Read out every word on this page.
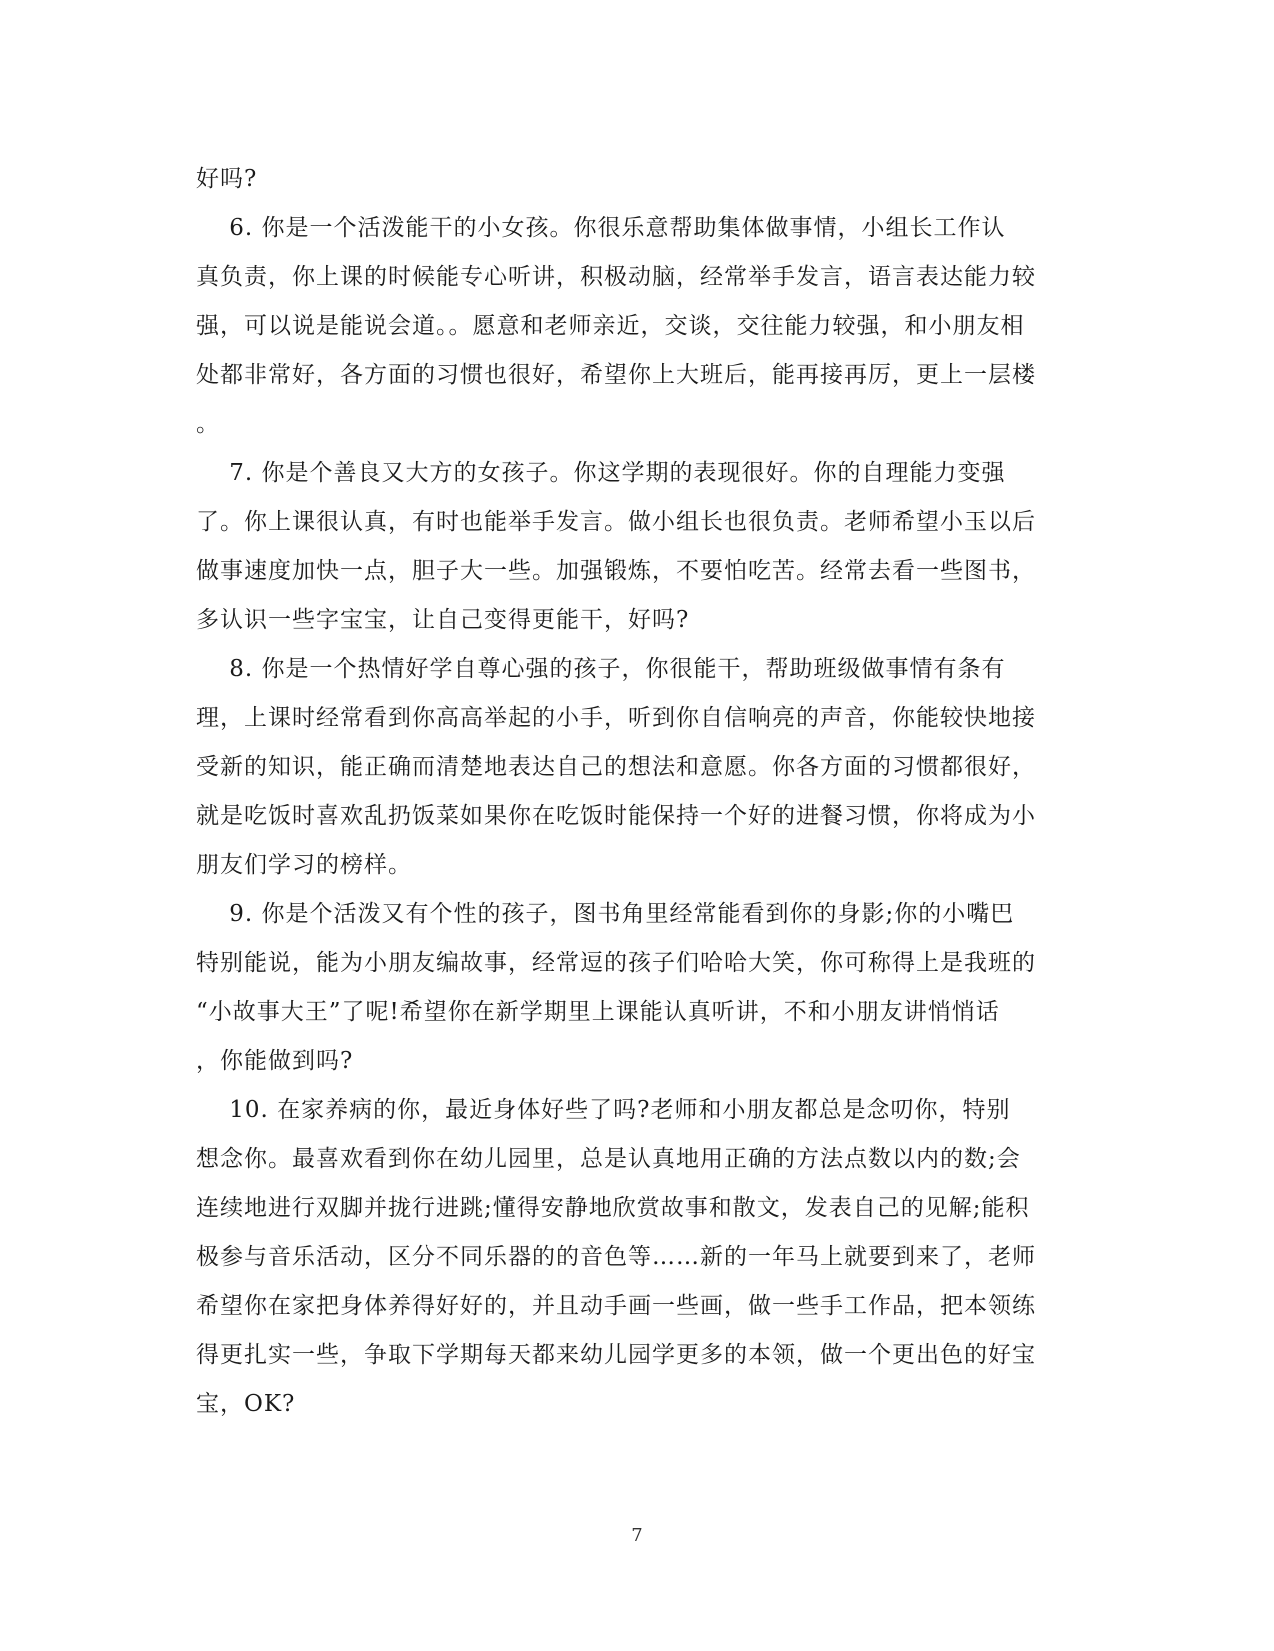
好吗?
6. 你是一个活泼能干的小女孩。你很乐意帮助集体做事情，小组长工作认
真负责，你上课的时候能专心听讲，积极动脑，经常举手发言，语言表达能力较
强，可以说是能说会道。。愿意和老师亲近，交谈，交往能力较强，和小朋友相
处都非常好，各方面的习惯也很好，希望你上大班后，能再接再厉，更上一层楼
。
7. 你是个善良又大方的女孩子。你这学期的表现很好。你的自理能力变强
了。你上课很认真，有时也能举手发言。做小组长也很负责。老师希望小玉以后
做事速度加快一点，胆子大一些。加强锻炼，不要怕吃苦。经常去看一些图书，
多认识一些字宝宝，让自己变得更能干，好吗?
8. 你是一个热情好学自尊心强的孩子，你很能干，帮助班级做事情有条有
理，上课时经常看到你高高举起的小手，听到你自信响亮的声音，你能较快地接
受新的知识，能正确而清楚地表达自己的想法和意愿。你各方面的习惯都很好，
就是吃饭时喜欢乱扔饭菜如果你在吃饭时能保持一个好的进餐习惯，你将成为小
朋友们学习的榜样。
9. 你是个活泼又有个性的孩子，图书角里经常能看到你的身影;你的小嘴巴
特别能说，能为小朋友编故事，经常逗的孩子们哈哈大笑，你可称得上是我班的
“小故事大王”了呢!希望你在新学期里上课能认真听讲，不和小朋友讲悄悄话
，你能做到吗?
10. 在家养病的你，最近身体好些了吗?老师和小朋友都总是念叨你，特别
想念你。最喜欢看到你在幼儿园里，总是认真地用正确的方法点数以内的数;会
连续地进行双脚并拢行进跳;懂得安静地欣赏故事和散文，发表自己的见解;能积
极参与音乐活动，区分不同乐器的的音色等……新的一年马上就要到来了，老师
希望你在家把身体养得好好的，并且动手画一些画，做一些手工作品，把本领练
得更扎实一些，争取下学期每天都来幼儿园学更多的本领，做一个更出色的好宝
宝，OK?
7
